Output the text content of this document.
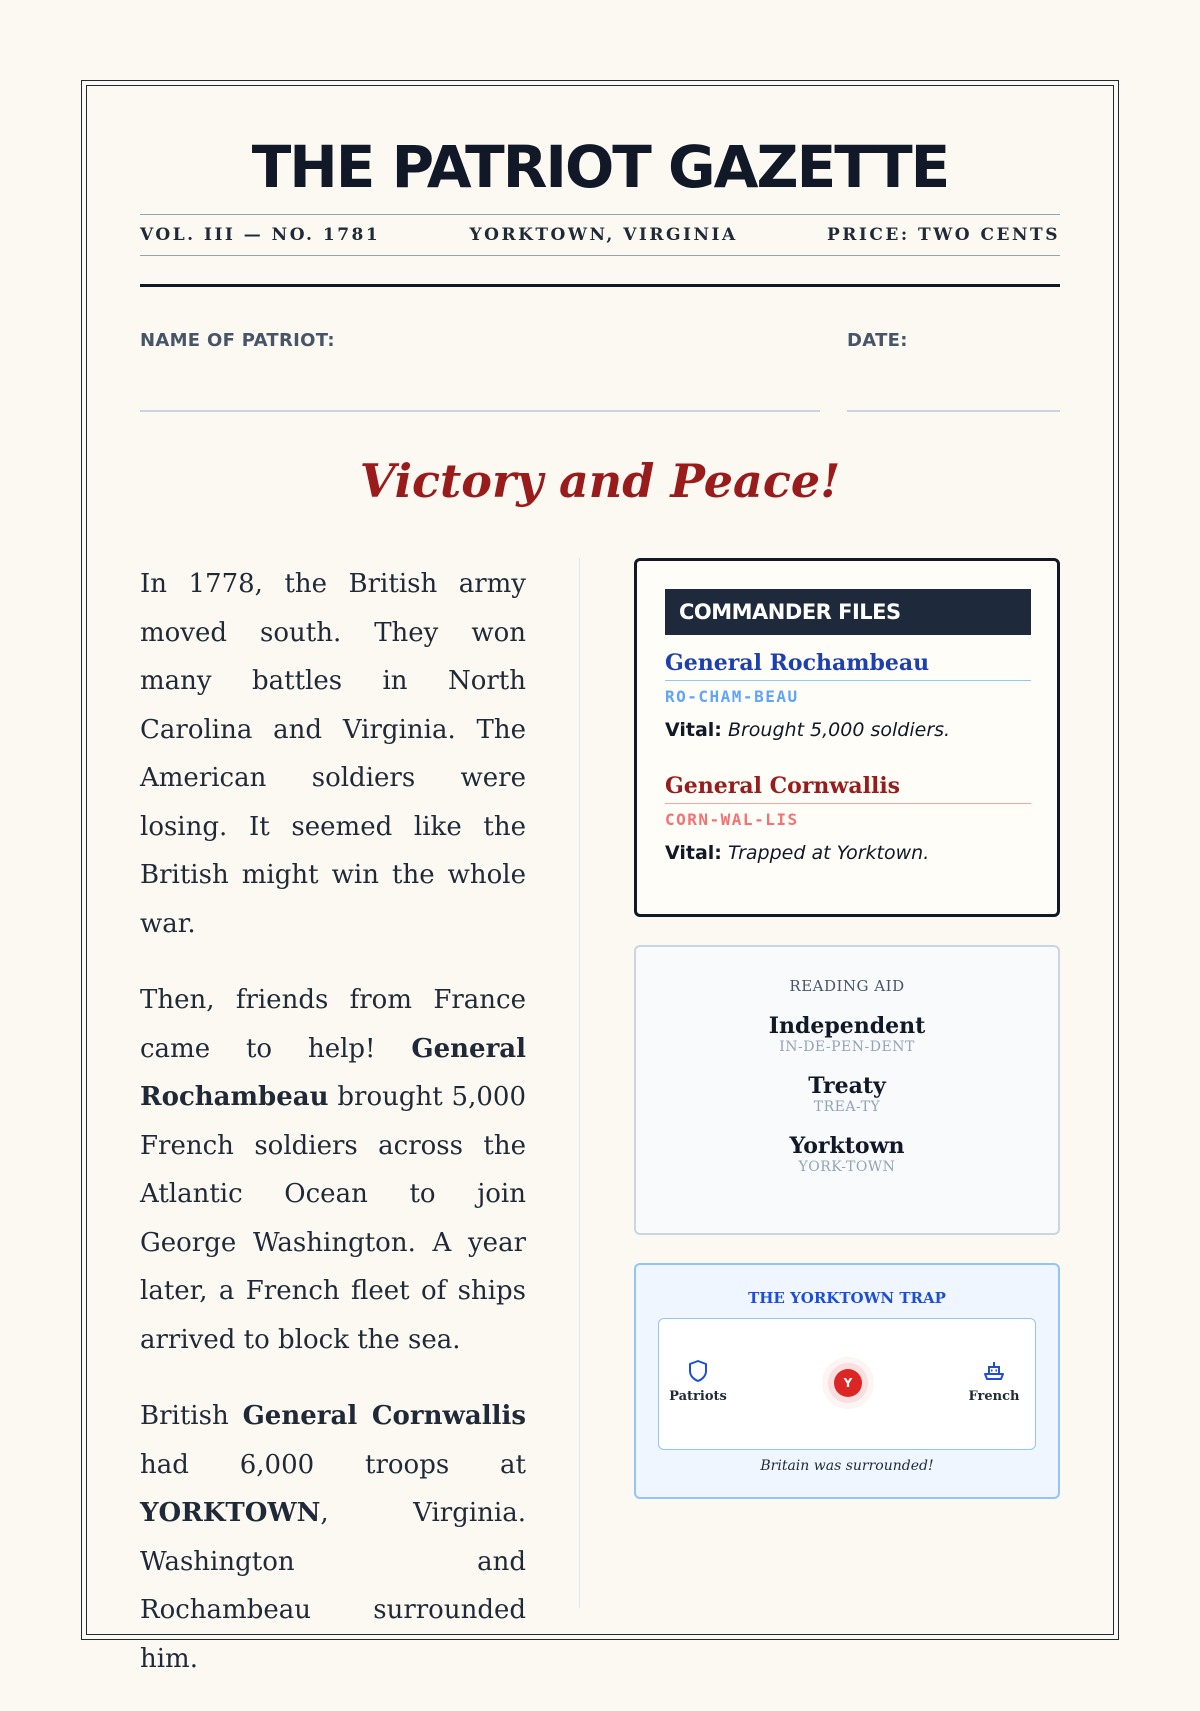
THE PATRIOT GAZETTE
VOL. III — NO. 1781	YORKTOWN, VIRGINIA	PRICE: TWO CENTS
NAME OF PATRIOT:	DATE:
Victory and Peace!

In 1778, the British army moved south. They won many battles in North Carolina and Virginia. The American soldiers were losing. It seemed like the British might win the whole war.

Then, friends from France came to help! General Rochambeau brought 5,000 French soldiers across the Atlantic Ocean to join George Washington. A year later, a French fleet of ships arrived to block the sea.

British General Cornwallis had 6,000 troops at YORKTOWN, Virginia. Washington and Rochambeau surrounded him.

COMMANDER FILES
General Rochambeau
RO-CHAM-BEAU
Vital: Brought 5,000 soldiers.
General Cornwallis
CORN-WAL-LIS
Vital: Trapped at Yorktown.
READING AID
Independent
IN-DE-PEN-DENT
Treaty
TREA-TY
Yorktown
YORK-TOWN
THE YORKTOWN TRAP
Patriots
Y
French
Britain was surrounded!
